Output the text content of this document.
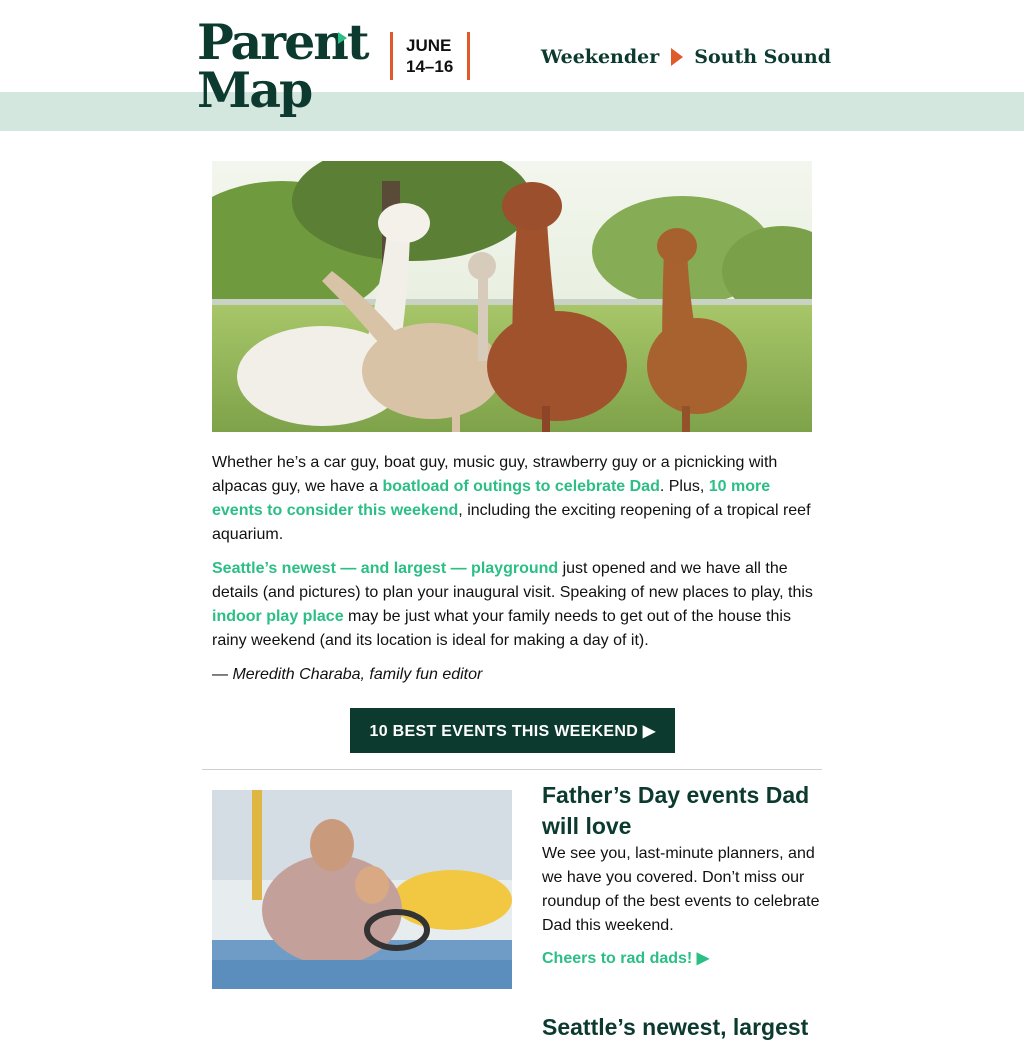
Parent
Map
JUNE
14–16	Weekender South Sound

Whether he’s a car guy, boat guy, music guy, strawberry guy or a picnicking with alpacas guy, we have a boatload of outings to celebrate Dad. Plus, 10 more events to consider this weekend, including the exciting reopening of a tropical reef aquarium.

Seattle’s newest — and largest — playground just opened and we have all the details (and pictures) to plan your inaugural visit. Speaking of new places to play, this indoor play place may be just what your family needs to get out of the house this rainy weekend (and its location is ideal for making a day of it).

— Meredith Charaba, family fun editor

10 BEST EVENTS THIS WEEKEND ▶
Father’s Day events Dad will love

We see you, last-minute planners, and we have you covered. Don’t miss our roundup of the best events to celebrate Dad this weekend.

Cheers to rad dads! ▶
Seattle’s newest, largest
